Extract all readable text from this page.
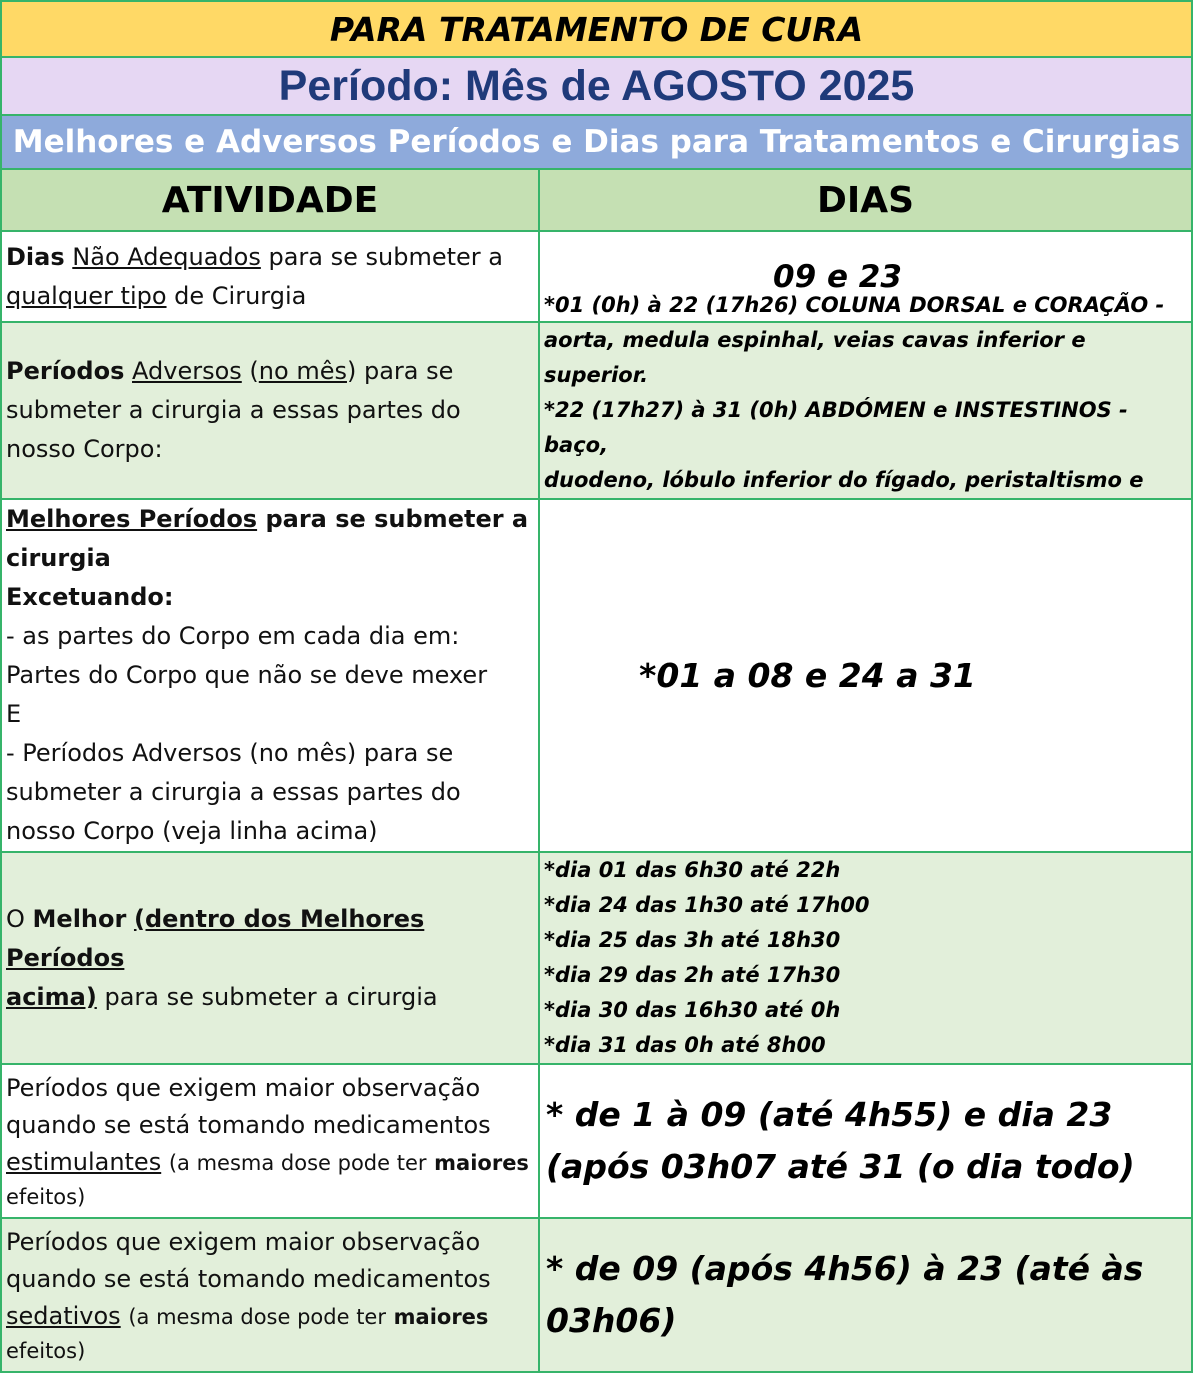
PARA TRATAMENTO DE CURA
Período: Mês de AGOSTO 2025
Melhores e Adversos Períodos e Dias para Tratamentos e Cirurgias
ATIVIDADE	DIAS
Dias Não Adequados para se submeter a
qualquer tipo de Cirurgia
09 e 23
Períodos Adversos (no mês) para se
submeter a cirurgia a essas partes do
nosso Corpo:
*01 (0h) à 22 (17h26) COLUNA DORSAL e CORAÇÃO -
aorta, medula espinhal, veias cavas inferior e superior.
*22 (17h27) à 31 (0h) ABDÓMEN e INSTESTINOS - baço,
duodeno, lóbulo inferior do fígado, peristaltismo e
Melhores Períodos para se submeter a
cirurgia
Excetuando:
- as partes do Corpo em cada dia em:
Partes do Corpo que não se deve mexer
E
- Períodos Adversos (no mês) para se
submeter a cirurgia a essas partes do
nosso Corpo (veja linha acima)
*01 a 08 e 24 a 31
O Melhor (dentro dos Melhores Períodos
acima) para se submeter a cirurgia
*dia 01 das 6h30 até 22h
*dia 24 das 1h30 até 17h00
*dia 25 das 3h até 18h30
*dia 29 das 2h até 17h30
*dia 30 das 16h30 até 0h
*dia 31 das 0h até 8h00
Períodos que exigem maior observação
quando se está tomando medicamentos
estimulantes (a mesma dose pode ter maiores
efeitos)
* de 1 à 09 (até 4h55) e dia 23 (após 03h07 até 31 (o dia todo)
Períodos que exigem maior observação
quando se está tomando medicamentos
sedativos (a mesma dose pode ter maiores
efeitos)
* de 09 (após 4h56) à 23 (até às 03h06)
